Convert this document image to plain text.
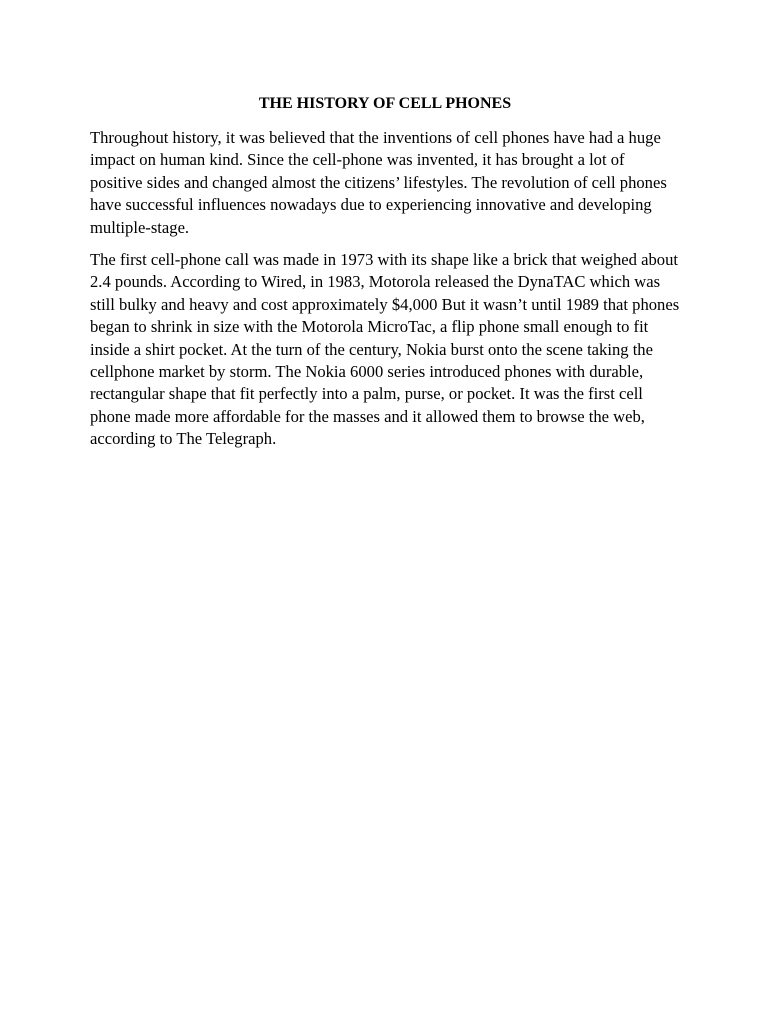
THE HISTORY OF CELL PHONES

Throughout history, it was believed that the inventions of cell phones have had a huge impact on human kind. Since the cell-phone was invented, it has brought a lot of positive sides and changed almost the citizens’ lifestyles. The revolution of cell phones have successful influences nowadays due to experiencing innovative and developing multiple-stage.

The first cell-phone call was made in 1973 with its shape like a brick that weighed about 2.4 pounds. According to Wired, in 1983, Motorola released the DynaTAC which was still bulky and heavy and cost approximately $4,000 But it wasn’t until 1989 that phones began to shrink in size with the Motorola MicroTac, a flip phone small enough to fit inside a shirt pocket. At the turn of the century, Nokia burst onto the scene taking the cellphone market by storm. The Nokia 6000 series introduced phones with durable, rectangular shape that fit perfectly into a palm, purse, or pocket. It was the first cell phone made more affordable for the masses and it allowed them to browse the web, according to The Telegraph.
